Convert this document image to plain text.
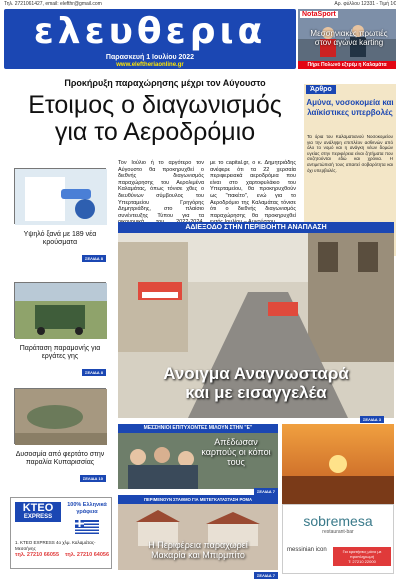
Τηλ. 2721061427, email: elefthr@gmail.com	Αρ. φύλλου 12331 - Τιμή 1€
ελευθερια
Παρασκευή 1 Ιουλίου 2022
www.eleftheriaonline.gr
NotaSport
Μεσσηνιακές πρωτιές στον αγώνα karting
Πήρε Πολωνό εξτρέμ η Καλαμάτα
Προκήρυξη παραχώρησης μέχρι τον Αύγουστο
Ετοιμος ο διαγωνισμός
για το Αεροδρόμιο
Τον Ιούλιο ή το αργότερο τον Αύγουστο θα προκηρυχθεί ο διεθνής διαγωνισμός παραχώρησης του Αερολιμένα Καλαμάτας, όπως τόνισε χθες ο διευθύνων σύμβουλος του Υπερταμείου Γρηγόρης Δημητριάδης, στο πλαίσιο συνέντευξης Τύπου για τα
με το capital.gr, ο κ. Δημητριάδης ανέφερε ότι τα 22 χερσαία περιφερειακά αεροδρόμια που είναι στο χαρτοφυλάκιο του Υπερταμείου, θα προκηρυχθούν ως "πακέτο", ενώ για το Αεροδρόμιο της Καλαμάτας τόνισε ότι ο διεθνής διαγωνισμός παραχώρησης θα προκηρυχθεί
Άρθρο
Αμύνα, νοσοκομεία και λαϊκίστικες υπερβολές
Τα όρια του Καλαματιανού Νοσοκομείου για την ανάληψη επιπλέον ασθενών από όλο το νομό και η ανάγκη νέων δομών υγείας στην περιφέρεια είναι ζητήματα που συζητούνται εδώ και χρόνια. Η αντιμετώπισή τους απαιτεί σοβαρότητα και όχι υπερβολές.
Υψηλό ξανά με 189 νέα κρούσματα
ΣΕΛΙΔΑ 8
Παράταση παραμονής για εργάτες γης
ΣΕΛΙΔΑ 8
Δυσοσμία από φερτάτο στην παραλία Κυπαρισσίας
ΣΕΛΙΔΑ 10
ΑΔΙΕΞΟΔΟ ΣΤΗΝ ΠΕΡΙΒΟΗΤΗ ΑΝΑΠΛΑΣΗ
Ανοιγμα Αναγνωσταρά
και με εισαγγελέα
ΣΕΛΙΔΑ 3
ΜΕΣΣΗΝΙΟΙ ΕΠΙΤΥΧΟΝΤΕΣ ΜΙΛΟΥΝ ΣΤΗΝ "Ε"
Απέδωσαν καρπούς οι κόποι τους
ΣΕΛΙΔΑ 7
sobremesa
restaurant-bar
messinian icon	Για κρατήσεις μόνο με προπληρωμή
Τ: 27210 22000
ΚΤΕΟ
EXPRESS
100% Ελληνικά γράφεια
1. ΚΤΕΟ EXPRESS 4ο χλμ. Καλαμάτας-Μεσσήνης
τηλ. 27210 66055 τηλ. 27210 64056
ΠΕΡΙΜΕΝΟΥΝ ΣΤΑΘΜΟ ΓΙΑ ΜΕΤΕΓΚΑΤΑΣΤΑΣΗ ΡΟΜΑ
Η Περιφέρεια παραχωρεί
Μακαρία και Μπιρμπίτο
ΣΕΛΙΔΑ 7
